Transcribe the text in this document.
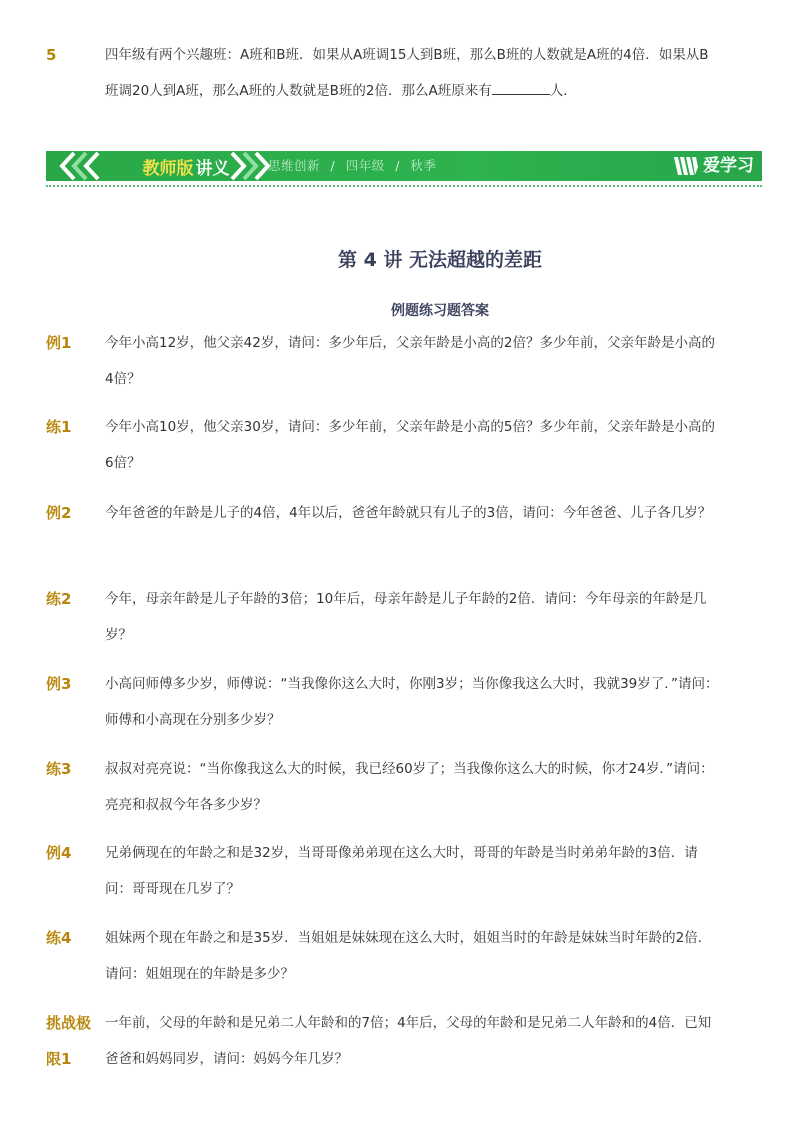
5	四年级有两个兴趣班：A班和B班．如果从A班调15人到B班，那么B班的人数就是A班的4倍．如果从B班调20人到A班，那么A班的人数就是B班的2倍．那么A班原来有	人．
教师版 讲义	思维创新 / 四年级 / 秋季	爱学习
第 4 讲 无法超越的差距
例题练习题答案
例1	今年小高12岁，他父亲42岁，请问：多少年后，父亲年龄是小高的2倍？多少年前，父亲年龄是小高的4倍？
练1	今年小高10岁，他父亲30岁，请问：多少年前，父亲年龄是小高的5倍？多少年前，父亲年龄是小高的6倍？
例2	今年爸爸的年龄是儿子的4倍，4年以后，爸爸年龄就只有儿子的3倍，请问：今年爸爸、儿子各几岁？
练2	今年，母亲年龄是儿子年龄的3倍；10年后，母亲年龄是儿子年龄的2倍．请问：今年母亲的年龄是几岁？
例3	小高问师傅多少岁，师傅说：“当我像你这么大时，你刚3岁；当你像我这么大时，我就39岁了．”请问：师傅和小高现在分别多少岁？
练3	叔叔对亮亮说：“当你像我这么大的时候，我已经60岁了；当我像你这么大的时候，你才24岁．”请问：亮亮和叔叔今年各多少岁？
例4	兄弟俩现在的年龄之和是32岁，当哥哥像弟弟现在这么大时，哥哥的年龄是当时弟弟年龄的3倍．请问：哥哥现在几岁了？
练4	姐妹两个现在年龄之和是35岁．当姐姐是妹妹现在这么大时，姐姐当时的年龄是妹妹当时年龄的2倍．请问：姐姐现在的年龄是多少？
挑战极限1
一年前，父母的年龄和是兄弟二人年龄和的7倍；4年后，父母的年龄和是兄弟二人年龄和的4倍．已知爸爸和妈妈同岁，请问：妈妈今年几岁？
